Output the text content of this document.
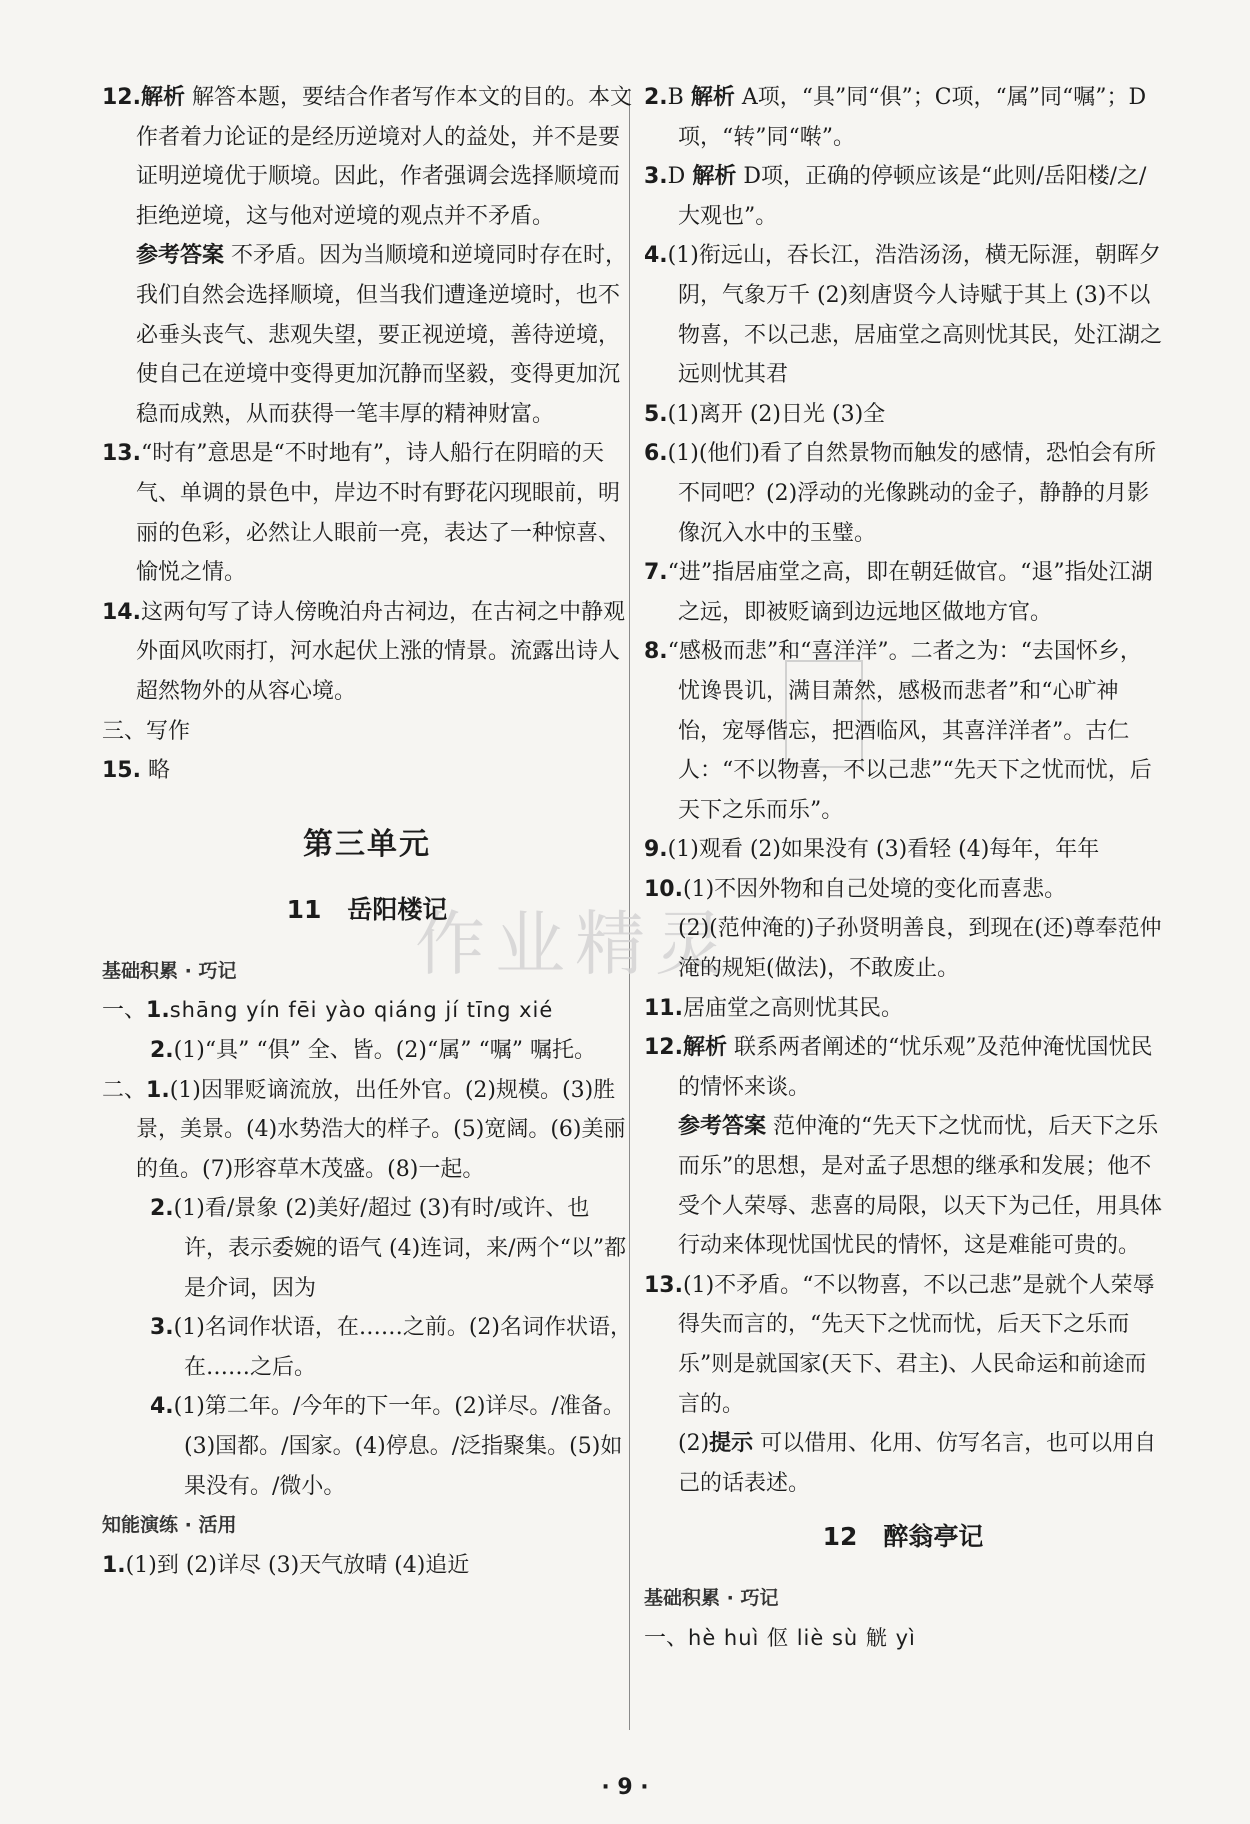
作业精灵

12.解析 解答本题，要结合作者写作本文的目的。本文作者着力论证的是经历逆境对人的益处，并不是要证明逆境优于顺境。因此，作者强调会选择顺境而拒绝逆境，这与他对逆境的观点并不矛盾。

参考答案 不矛盾。因为当顺境和逆境同时存在时，我们自然会选择顺境，但当我们遭逢逆境时，也不必垂头丧气、悲观失望，要正视逆境，善待逆境，使自己在逆境中变得更加沉静而坚毅，变得更加沉稳而成熟，从而获得一笔丰厚的精神财富。

13.“时有”意思是“不时地有”，诗人船行在阴暗的天气、单调的景色中，岸边不时有野花闪现眼前，明丽的色彩，必然让人眼前一亮，表达了一种惊喜、愉悦之情。

14.这两句写了诗人傍晚泊舟古祠边，在古祠之中静观外面风吹雨打，河水起伏上涨的情景。流露出诗人超然物外的从容心境。

三、写作

15. 略

第三单元
11 岳阳楼记

基础积累 · 巧记

一、1.shāng yín fēi yào qiáng jí tīng xié

2.(1)“具” “俱” 全、皆。(2)“属” “嘱” 嘱托。

二、1.(1)因罪贬谪流放，出任外官。(2)规模。(3)胜景，美景。(4)水势浩大的样子。(5)宽阔。(6)美丽的鱼。(7)形容草木茂盛。(8)一起。

2.(1)看/景象 (2)美好/超过 (3)有时/或许、也许，表示委婉的语气 (4)连词，来/两个“以”都是介词，因为

3.(1)名词作状语，在……之前。(2)名词作状语，在……之后。

4.(1)第二年。/今年的下一年。(2)详尽。/准备。(3)国都。/国家。(4)停息。/泛指聚集。(5)如果没有。/微小。

知能演练 · 活用

1.(1)到 (2)详尽 (3)天气放晴 (4)追近

2.B 解析 A项，“具”同“俱”；C项，“属”同“嘱”；D项，“转”同“啭”。

3.D 解析 D项，正确的停顿应该是“此则/岳阳楼/之/大观也”。

4.(1)衔远山，吞长江，浩浩汤汤，横无际涯，朝晖夕阴，气象万千 (2)刻唐贤今人诗赋于其上 (3)不以物喜，不以己悲，居庙堂之高则忧其民，处江湖之远则忧其君

5.(1)离开 (2)日光 (3)全

6.(1)(他们)看了自然景物而触发的感情，恐怕会有所不同吧？(2)浮动的光像跳动的金子，静静的月影像沉入水中的玉璧。

7.“进”指居庙堂之高，即在朝廷做官。“退”指处江湖之远，即被贬谪到边远地区做地方官。

8.“感极而悲”和“喜洋洋”。二者之为：“去国怀乡，忧谗畏讥，满目萧然，感极而悲者”和“心旷神怡，宠辱偕忘，把酒临风，其喜洋洋者”。古仁人：“不以物喜，不以己悲”“先天下之忧而忧，后天下之乐而乐”。

9.(1)观看 (2)如果没有 (3)看轻 (4)每年，年年

10.(1)不因外物和自己处境的变化而喜悲。

(2)(范仲淹的)子孙贤明善良，到现在(还)尊奉范仲淹的规矩(做法)，不敢废止。

11.居庙堂之高则忧其民。

12.解析 联系两者阐述的“忧乐观”及范仲淹忧国忧民的情怀来谈。

参考答案 范仲淹的“先天下之忧而忧，后天下之乐而乐”的思想，是对孟子思想的继承和发展；他不受个人荣辱、悲喜的局限，以天下为己任，用具体行动来体现忧国忧民的情怀，这是难能可贵的。

13.(1)不矛盾。“不以物喜，不以己悲”是就个人荣辱得失而言的，“先天下之忧而忧，后天下之乐而乐”则是就国家(天下、君主)、人民命运和前途而言的。

(2)提示 可以借用、化用、仿写名言，也可以用自己的话表述。

12 醉翁亭记

基础积累 · 巧记

一、hè huì 伛 liè sù 觥 yì

· 9 ·
